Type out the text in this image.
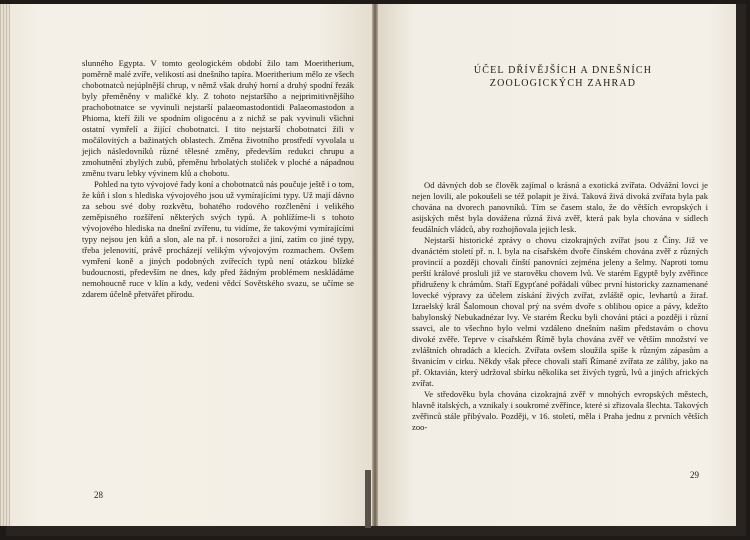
slunného Egypta. V tomto geologickém období žilo tam Moeritherium, poměrně malé zvíře, velikostí asi dnešního tapíra. Moeritherium mělo ze všech chobotnatců nejúplnější chrup, v němž však druhý horní a druhý spodní řezák byly přeměněny v maličké kly. Z tohoto nejstaršího a nejprimitivnějšího prachobotnatce se vyvinuli nejstarší palaeomastodontidi Palaeomastodon a Phioma, kteří žili ve spodním oligocénu a z nichž se pak vyvinuli všichni ostatní vymřelí a žijící chobotnatci. I tito nejstarší chobotnatci žili v močálovitých a bažinatých oblastech. Změna životního prostředí vyvolala u jejich následovníků různé tělesné změny, především redukci chrupu a zmohutnění zbylých zubů, přeměnu hrbolatých stoliček v ploché a nápadnou změnu tvaru lebky vývinem klů a chobotu.

Pohled na tyto vývojové řady koní a chobotnatců nás poučuje ještě i o tom, že kůň i slon s hlediska vývojového jsou už vymírajícími typy. Už mají dávno za sebou své doby rozkvětu, bohatého rodového rozčlenění i velikého zeměpisného rozšíření některých svých typů. A pohlížíme-li s tohoto vývojového hlediska na dnešní zvířenu, tu vidíme, že takovými vymírajícími typy nejsou jen kůň a slon, ale na př. i nosorožci a jiní, zatím co jiné typy, třeba jelenovití, právě procházejí velikým vývojovým rozmachem. Ovšem vymření koně a jiných podobných zvířecích typů není otázkou blízké budoucnosti, především ne dnes, kdy před žádným problémem neskládáme nemohoucně ruce v klín a kdy, vedeni vědcí Sovětského svazu, se učíme se zdarem účelně přetvářet přírodu.

28
ÚČEL DŘÍVĚJŠÍCH A DNEŠNÍCH ZOOLOGICKÝCH ZAHRAD

Od dávných dob se člověk zajímal o krásná a exotická zvířata. Odvážní lovci je nejen lovili, ale pokoušeli se též polapit je živá. Taková živá divoká zvířata byla pak chována na dvorech panovníků. Tím se časem stalo, že do větších evropských i asijských měst byla dovážena různá živá zvěř, která pak byla chována v sídlech feudálních vládců, aby rozhojňovala jejich lesk.

Nejstarší historické zprávy o chovu cizokrajných zvířat jsou z Číny. Již ve dvanáctém století př. n. l. byla na císařském dvoře čínském chována zvěř z různých provincií a později chovali čínští panovníci zejména jeleny a šelmy. Naproti tomu perští králové prosluli již ve starověku chovem lvů. Ve starém Egyptě byly zvěřince přidruženy k chrámům. Staří Egypťané pořádali vůbec první historicky zaznamenané lovecké výpravy za účelem získání živých zvířat, zvláště opic, levhartů a žiraf. Izraelský král Šalomoun choval prý na svém dvoře s oblibou opice a pávy, kdežto babylonský Nebukadnézar lvy. Ve starém Řecku byli chováni ptáci a později i různí ssavci, ale to všechno bylo velmi vzdáleno dnešním našim představám o chovu divoké zvěře. Teprve v císařském Římě byla chována zvěř ve větším množství ve zvláštních ohradách a klecích. Zvířata ovšem sloužila spíše k různým zápasům a štvanicím v cirku. Někdy však přece chovali staří Římané zvířata ze záliby, jako na př. Oktavián, který udržoval sbírku několika set živých tygrů, lvů a jiných afrických zvířat.

Ve středověku byla chována cizokrajná zvěř v mnohých evropských městech, hlavně italských, a vznikaly i soukromé zvěřince, které si zřizovala šlechta. Takových zvěřinců stále přibývalo. Později, v 16. století, měla i Praha jednu z prvních větších zoo-

29
